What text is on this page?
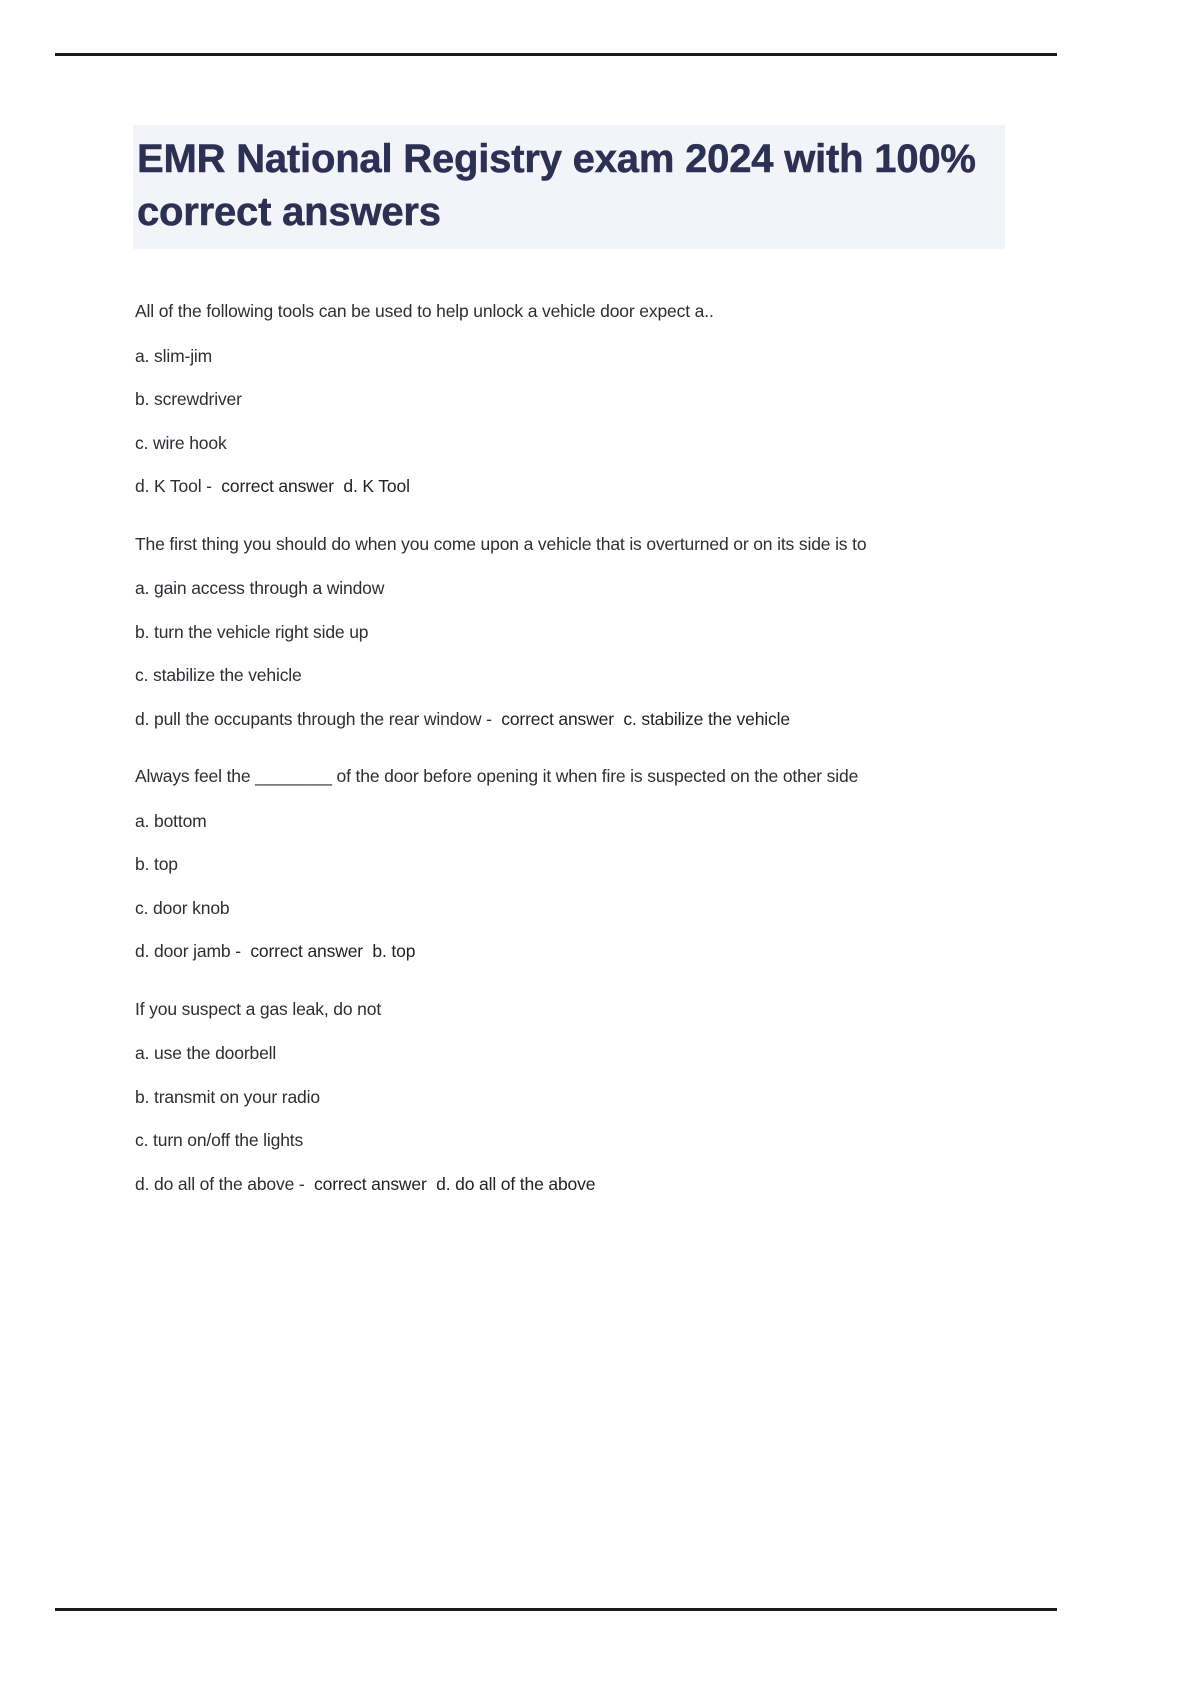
EMR National Registry exam 2024 with 100% correct answers

All of the following tools can be used to help unlock a vehicle door expect a..

a. slim-jim

b. screwdriver

c. wire hook

d. K Tool -  correct answer d. K Tool

The first thing you should do when you come upon a vehicle that is overturned or on its side is to

a. gain access through a window

b. turn the vehicle right side up

c. stabilize the vehicle

d. pull the occupants through the rear window -  correct answer c. stabilize the vehicle

Always feel the ________ of the door before opening it when fire is suspected on the other side

a. bottom

b. top

c. door knob

d. door jamb -  correct answer b. top

If you suspect a gas leak, do not

a. use the doorbell

b. transmit on your radio

c. turn on/off the lights

d. do all of the above -  correct answer d. do all of the above
